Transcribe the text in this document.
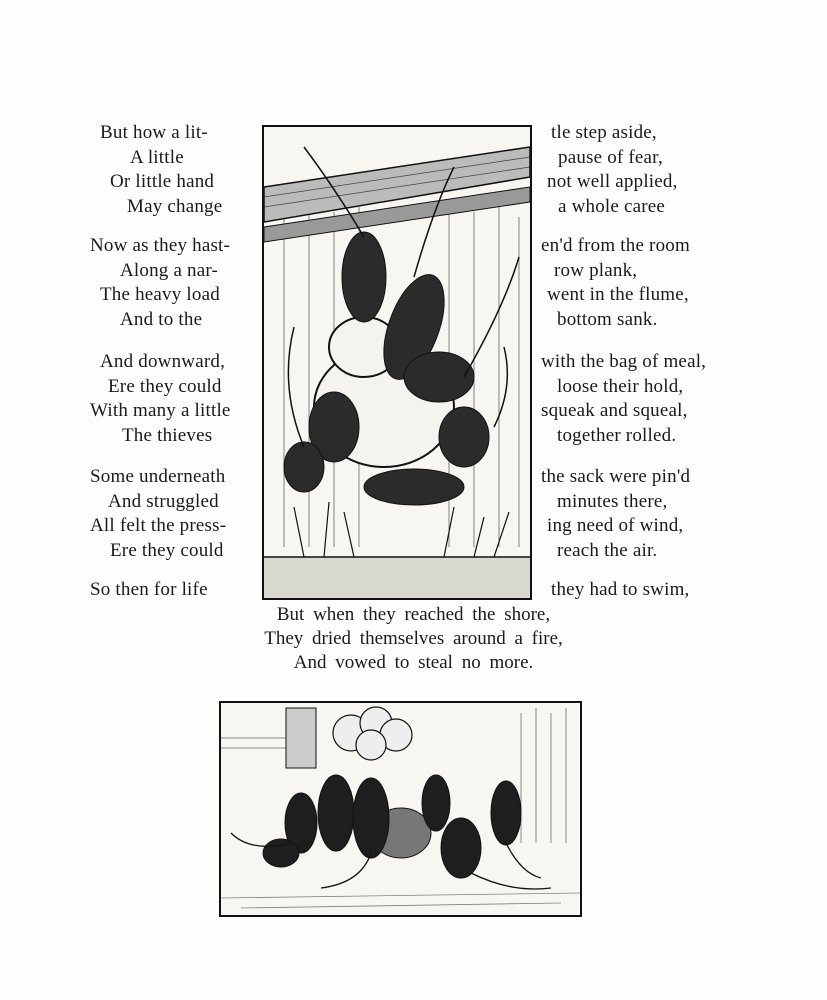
But how a lit-	tle step aside,
A little	pause of fear,
Or little hand	not well applied,
May change	a whole caree
Now as they hast-	en'd from the room
Along a nar-	row plank,
The heavy load	went in the flume,
And to the	bottom sank.
And downward,	with the bag of meal,
Ere they could	loose their hold,
With many a little	squeak and squeal,
The thieves	together rolled.
Some underneath	the sack were pin'd
And struggled	minutes there,
All felt the press-	ing need of wind,
Ere they could	reach the air.
So then for life	they had to swim,
But when they reached the shore,
They dried themselves around a fire,
And vowed to steal no more.
